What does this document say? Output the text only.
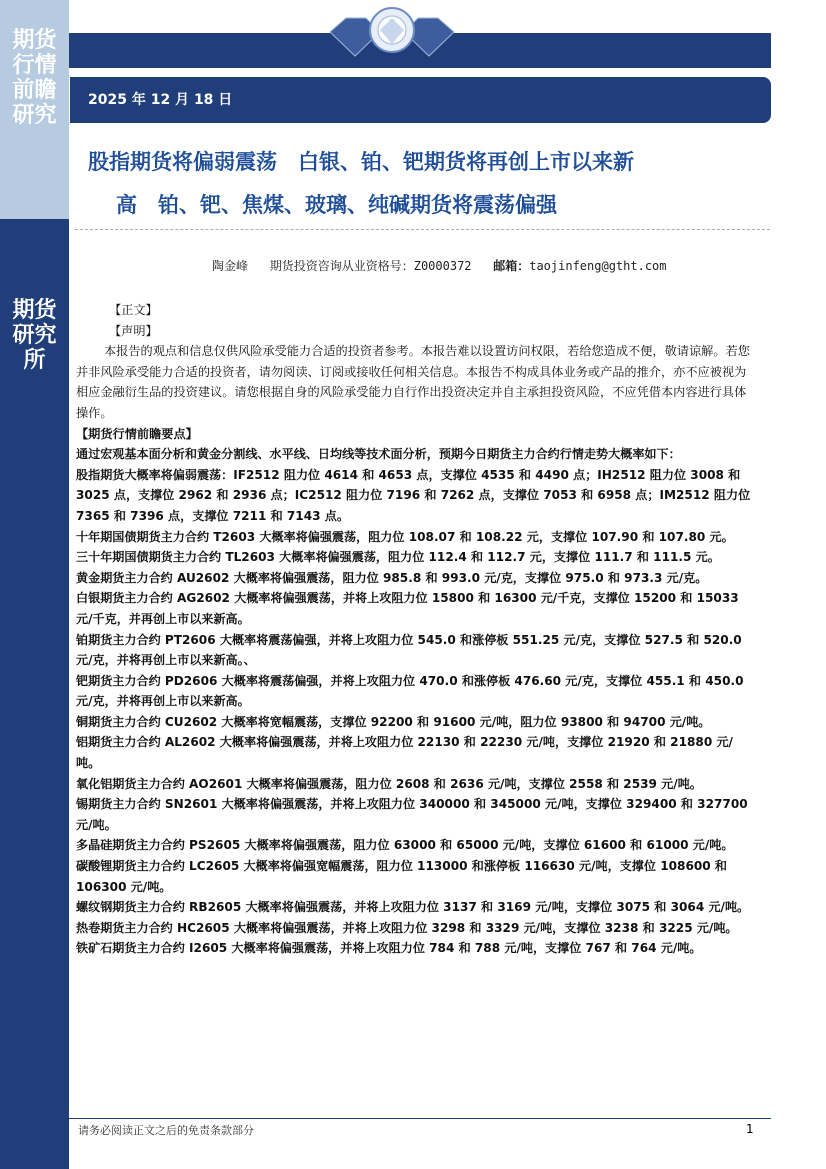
期货行情前瞻研究
期货研究所
2025 年 12 月 18 日
股指期货将偏弱震荡　白银、铂、钯期货将再创上市以来新
高　铂、钯、焦煤、玻璃、纯碱期货将震荡偏强
陶金峰 期货投资咨询从业资格号：Z0000372 邮箱：taojinfeng@gtht.com

【正文】

【声明】

本报告的观点和信息仅供风险承受能力合适的投资者参考。本报告难以设置访问权限，若给您造成不便，敬请谅解。若您并非风险承受能力合适的投资者，请勿阅读、订阅或接收任何相关信息。本报告不构成具体业务或产品的推介，亦不应被视为相应金融衍生品的投资建议。请您根据自身的风险承受能力自行作出投资决定并自主承担投资风险，不应凭借本内容进行具体操作。

【期货行情前瞻要点】

通过宏观基本面分析和黄金分割线、水平线、日均线等技术面分析，预期今日期货主力合约行情走势大概率如下：

股指期货大概率将偏弱震荡：IF2512 阻力位 4614 和 4653 点，支撑位 4535 和 4490 点；IH2512 阻力位 3008 和 3025 点，支撑位 2962 和 2936 点；IC2512 阻力位 7196 和 7262 点，支撑位 7053 和 6958 点；IM2512 阻力位 7365 和 7396 点，支撑位 7211 和 7143 点。

十年期国债期货主力合约 T2603 大概率将偏强震荡，阻力位 108.07 和 108.22 元，支撑位 107.90 和 107.80 元。

三十年期国债期货主力合约 TL2603 大概率将偏强震荡，阻力位 112.4 和 112.7 元，支撑位 111.7 和 111.5 元。

黄金期货主力合约 AU2602 大概率将偏强震荡，阻力位 985.8 和 993.0 元/克，支撑位 975.0 和 973.3 元/克。

白银期货主力合约 AG2602 大概率将偏强震荡，并将上攻阻力位 15800 和 16300 元/千克，支撑位 15200 和 15033 元/千克，并再创上市以来新高。

铂期货主力合约 PT2606 大概率将震荡偏强，并将上攻阻力位 545.0 和涨停板 551.25 元/克，支撑位 527.5 和 520.0 元/克，并将再创上市以来新高。、

钯期货主力合约 PD2606 大概率将震荡偏强，并将上攻阻力位 470.0 和涨停板 476.60 元/克，支撑位 455.1 和 450.0 元/克，并将再创上市以来新高。

铜期货主力合约 CU2602 大概率将宽幅震荡，支撑位 92200 和 91600 元/吨，阻力位 93800 和 94700 元/吨。

铝期货主力合约 AL2602 大概率将偏强震荡，并将上攻阻力位 22130 和 22230 元/吨，支撑位 21920 和 21880 元/吨。

氧化铝期货主力合约 AO2601 大概率将偏强震荡，阻力位 2608 和 2636 元/吨，支撑位 2558 和 2539 元/吨。

锡期货主力合约 SN2601 大概率将偏强震荡，并将上攻阻力位 340000 和 345000 元/吨，支撑位 329400 和 327700 元/吨。

多晶硅期货主力合约 PS2605 大概率将偏强震荡，阻力位 63000 和 65000 元/吨，支撑位 61600 和 61000 元/吨。

碳酸锂期货主力合约 LC2605 大概率将偏强宽幅震荡，阻力位 113000 和涨停板 116630 元/吨，支撑位 108600 和 106300 元/吨。

螺纹钢期货主力合约 RB2605 大概率将偏强震荡，并将上攻阻力位 3137 和 3169 元/吨，支撑位 3075 和 3064 元/吨。

热卷期货主力合约 HC2605 大概率将偏强震荡，并将上攻阻力位 3298 和 3329 元/吨，支撑位 3238 和 3225 元/吨。

铁矿石期货主力合约 I2605 大概率将偏强震荡，并将上攻阻力位 784 和 788 元/吨，支撑位 767 和 764 元/吨。

请务必阅读正文之后的免责条款部分	1
